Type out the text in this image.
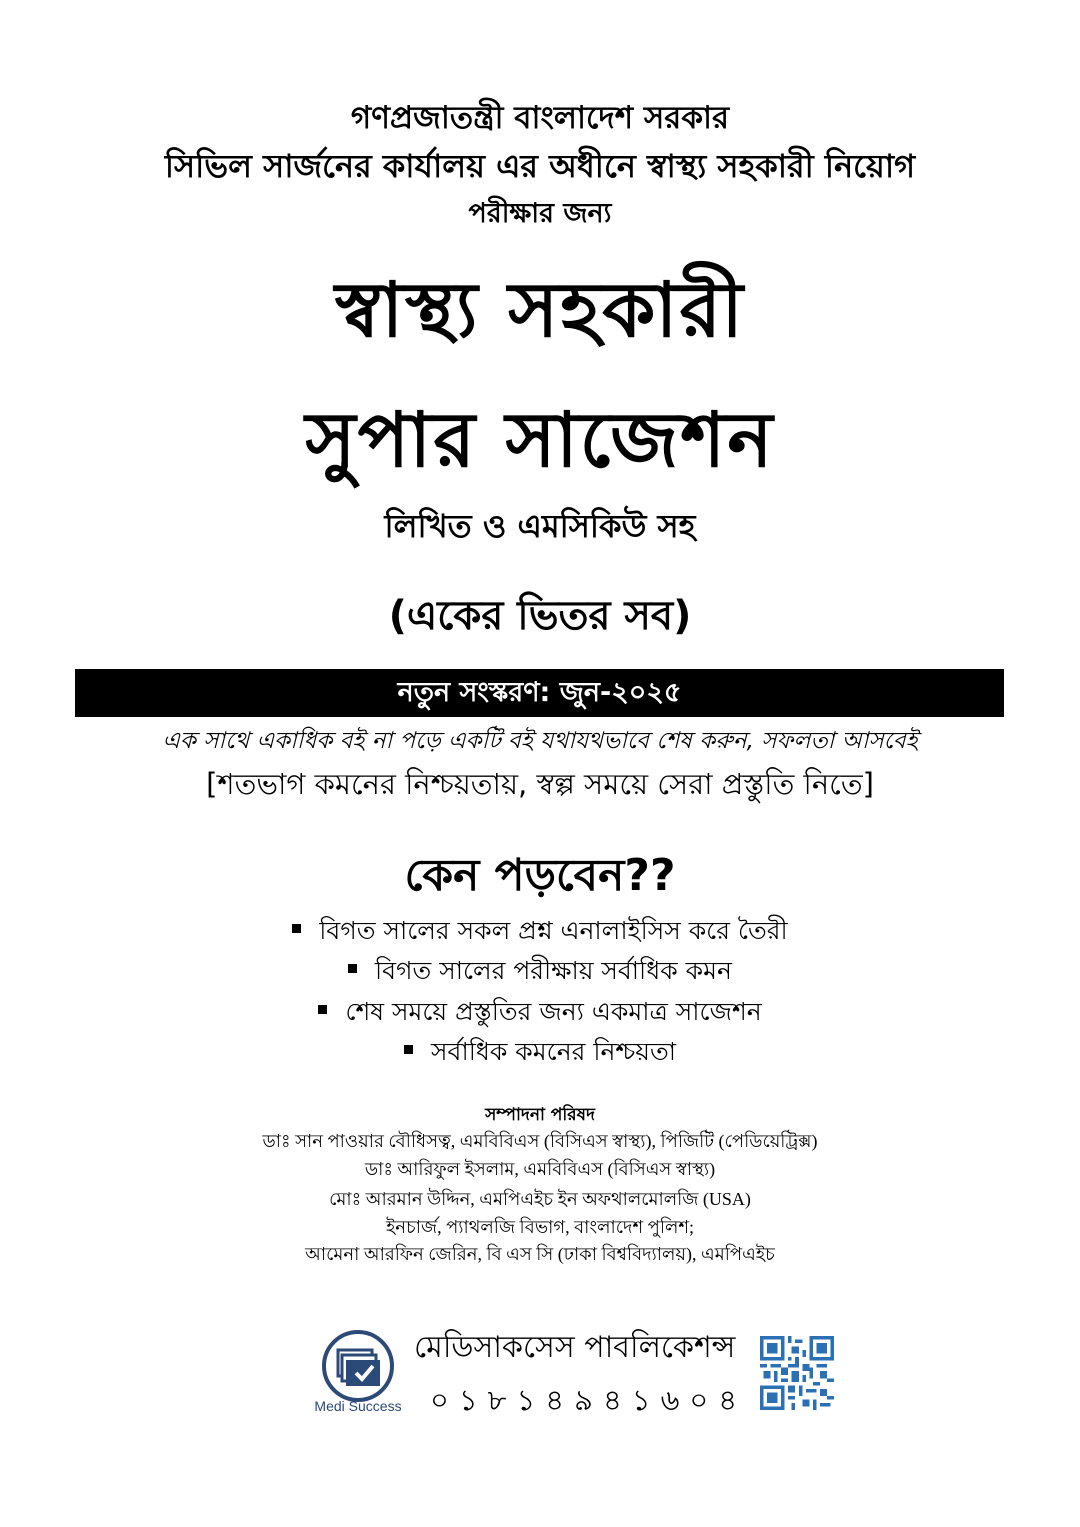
গণপ্রজাতন্ত্রী বাংলাদেশ সরকার
সিভিল সার্জনের কার্যালয় এর অধীনে স্বাস্থ্য সহকারী নিয়োগ
পরীক্ষার জন্য
স্বাস্থ্য সহকারী
সুপার সাজেশন
লিখিত ও এমসিকিউ সহ
(একের ভিতর সব)
নতুন সংস্করণ: জুন-২০২৫
এক সাথে একাধিক বই না পড়ে একটি বই যথাযথভাবে শেষ করুন, সফলতা আসবেই
[শতভাগ কমনের নিশ্চয়তায়, স্বল্প সময়ে সেরা প্রস্তুতি নিতে]
কেন পড়বেন??
বিগত সালের সকল প্রশ্ন এনালাইসিস করে তৈরী
বিগত সালের পরীক্ষায় সর্বাধিক কমন
শেষ সময়ে প্রস্তুতির জন্য একমাত্র সাজেশন
সর্বাধিক কমনের নিশ্চয়তা
সম্পাদনা পরিষদ
ডাঃ সান পাওয়ার বৌধিসত্ব, এমবিবিএস (বিসিএস স্বাস্থ্য), পিজিটি (পেডিয়েট্রিক্স)
ডাঃ আরিফুল ইসলাম, এমবিবিএস (বিসিএস স্বাস্থ্য)
মোঃ আরমান উদ্দিন, এমপিএইচ ইন অফথালমোলজি (USA)
ইনচার্জ, প্যাথলজি বিভাগ, বাংলাদেশ পুলিশ;
আমেনা আরফিন জেরিন, বি এস সি (ঢাকা বিশ্ববিদ্যালয়), এমপিএইচ
Medi Success
মেডিসাকসেস পাবলিকেশন্স
০১৮১৪৯৪১৬০৪
